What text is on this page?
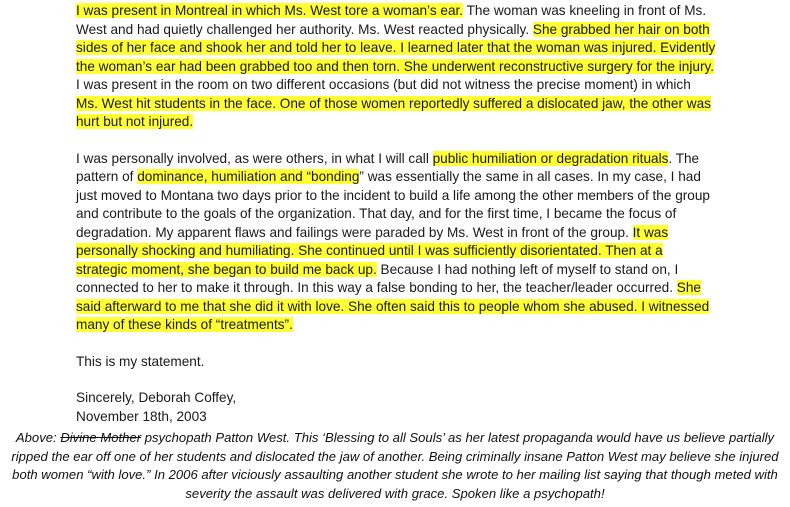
I was present in Montreal in which Ms. West tore a woman’s ear. The woman was kneeling in front of Ms. West and had quietly challenged her authority. Ms. West reacted physically. She grabbed her hair on both sides of her face and shook her and told her to leave. I learned later that the woman was injured. Evidently the woman’s ear had been grabbed too and then torn. She underwent reconstructive surgery for the injury. I was present in the room on two different occasions (but did not witness the precise moment) in which Ms. West hit students in the face. One of those women reportedly suffered a dislocated jaw, the other was hurt but not injured.

I was personally involved, as were others, in what I will call public humiliation or degradation rituals. The pattern of dominance, humiliation and “bonding” was essentially the same in all cases. In my case, I had just moved to Montana two days prior to the incident to build a life among the other members of the group and contribute to the goals of the organization. That day, and for the first time, I became the focus of degradation. My apparent flaws and failings were paraded by Ms. West in front of the group. It was personally shocking and humiliating. She continued until I was sufficiently disorientated. Then at a strategic moment, she began to build me back up. Because I had nothing left of myself to stand on, I connected to her to make it through. In this way a false bonding to her, the teacher/leader occurred. She said afterward to me that she did it with love. She often said this to people whom she abused. I witnessed many of these kinds of “treatments”.

This is my statement.

Sincerely, Deborah Coffey,

November 18th, 2003

Above: Divine Mother psychopath Patton West. This ‘Blessing to all Souls’ as her latest propaganda would have us believe partially ripped the ear off one of her students and dislocated the jaw of another. Being criminally insane Patton West may believe she injured both women “with love.” In 2006 after viciously assaulting another student she wrote to her mailing list saying that though meted with severity the assault was delivered with grace. Spoken like a psychopath!
